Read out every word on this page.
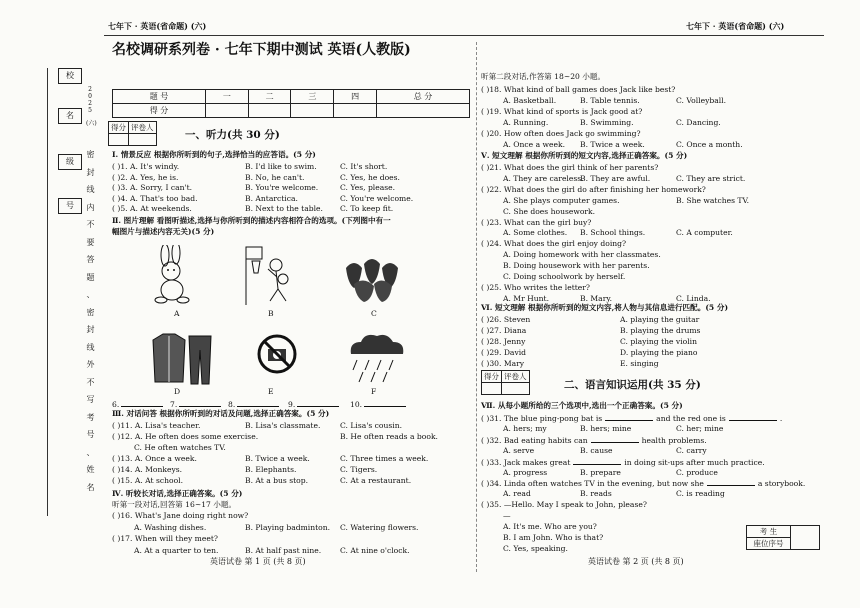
七年下 · 英语(省命题) (六)	七年下 · 英语(省命题) (六)
校
名
级
号
2025
(六)
密
封
线
内
不
要
答
题
、
密
封
线
外
不
写
考
号
、
姓
名
名校调研系列卷 · 七年下期中测试 英语(人教版)
题 号	一	二	三	四	总 分
得 分					
得分	评卷人

一、听力(共 30 分)
Ⅰ. 情景反应 根据你所听到的句子,选择恰当的应答语。(5 分)
( )1. A. It's windy.	B. I'd like to swim.	C. It's short.
( )2. A. Yes, he is.	B. No, he can't.	C. Yes, he does.
( )3. A. Sorry, I can't.	B. You're welcome.	C. Yes, please.
( )4. A. That's too bad.	B. Antarctica.	C. You're welcome.
( )5. A. At weekends.	B. Next to the table. C. To keep fit.
Ⅱ. 图片理解 看图听描述,选择与你所听到的描述内容相符合的选项。(下列图中有一
幅图片与描述内容无关)(5 分)
A	B	C
D	E	F
6.	7.	8.	9.	10.
Ⅲ. 对话问答 根据你所听到的对话及问题,选择正确答案。(5 分)
( )11. A. Lisa's teacher.	B. Lisa's classmate.	C. Lisa's cousin.
( )12. A. He often does some exercise.	B. He often reads a book.
C. He often watches TV.
( )13. A. Once a week.	B. Twice a week.	C. Three times a week.
( )14. A. Monkeys.	B. Elephants.	C. Tigers.
( )15. A. At school.	B. At a bus stop.	C. At a restaurant.
Ⅳ. 听较长对话,选择正确答案。(5 分)
听第一段对话,回答第 16~17 小题。
( )16. What's Jane doing right now?
A. Washing dishes.	B. Playing badminton. C. Watering flowers.
( )17. When will they meet?
A. At a quarter to ten.	B. At half past nine. C. At nine o'clock.
英语试卷 第 1 页 (共 8 页)
听第二段对话,作答第 18~20 小题。
( )18. What kind of ball games does Jack like best?
A. Basketball.	B. Table tennis.	C. Volleyball.
( )19. What kind of sports is Jack good at?
A. Running.	B. Swimming.	C. Dancing.
( )20. How often does Jack go swimming?
A. Once a week. B. Twice a week.	C. Once a month.
Ⅴ. 短文理解 根据你所听到的短文内容,选择正确答案。(5 分)
( )21. What does the girl think of her parents?
A. They are careless.
B. They are awful.	C. They are strict.
( )22. What does the girl do after finishing her homework?
A. She plays computer games.	B. She watches TV.
C. She does housework.
( )23. What can the girl buy?
A. Some clothes. B. School things.	C. A computer.
( )24. What does the girl enjoy doing?
A. Doing homework with her classmates.
B. Doing housework with her parents.
C. Doing schoolwork by herself.
( )25. Who writes the letter?
A. Mr Hunt.	B. Mary.	C. Linda.
Ⅵ. 短文理解 根据你所听到的短文内容,将人物与其信息进行匹配。(5 分)
( )26. Steven	A. playing the guitar
( )27. Diana	B. playing the drums
( )28. Jenny	C. playing the violin
( )29. David	D. playing the piano
( )30. Mary	E. singing
得分	评卷人

二、语言知识运用(共 35 分)
Ⅶ. 从每小题所给的三个选项中,选出一个正确答案。(5 分)
( )31. The blue ping-pong bat is	and the red one is	.
A. hers; my	B. hers; mine	C. her; mine
( )32. Bad eating habits can	health problems.
A. serve	B. cause	C. carry
( )33. Jack makes great	in doing sit-ups after much practice.
A. progress	B. prepare	C. produce
( )34. Linda often watches TV in the evening, but now she	a storybook.
A. read	B. reads	C. is reading
( )35. —Hello. May I speak to John, please?
—
A. It's me. Who are you?
B. I am John. Who is that?
C. Yes, speaking.
考 生	
座位序号
英语试卷 第 2 页 (共 8 页)
